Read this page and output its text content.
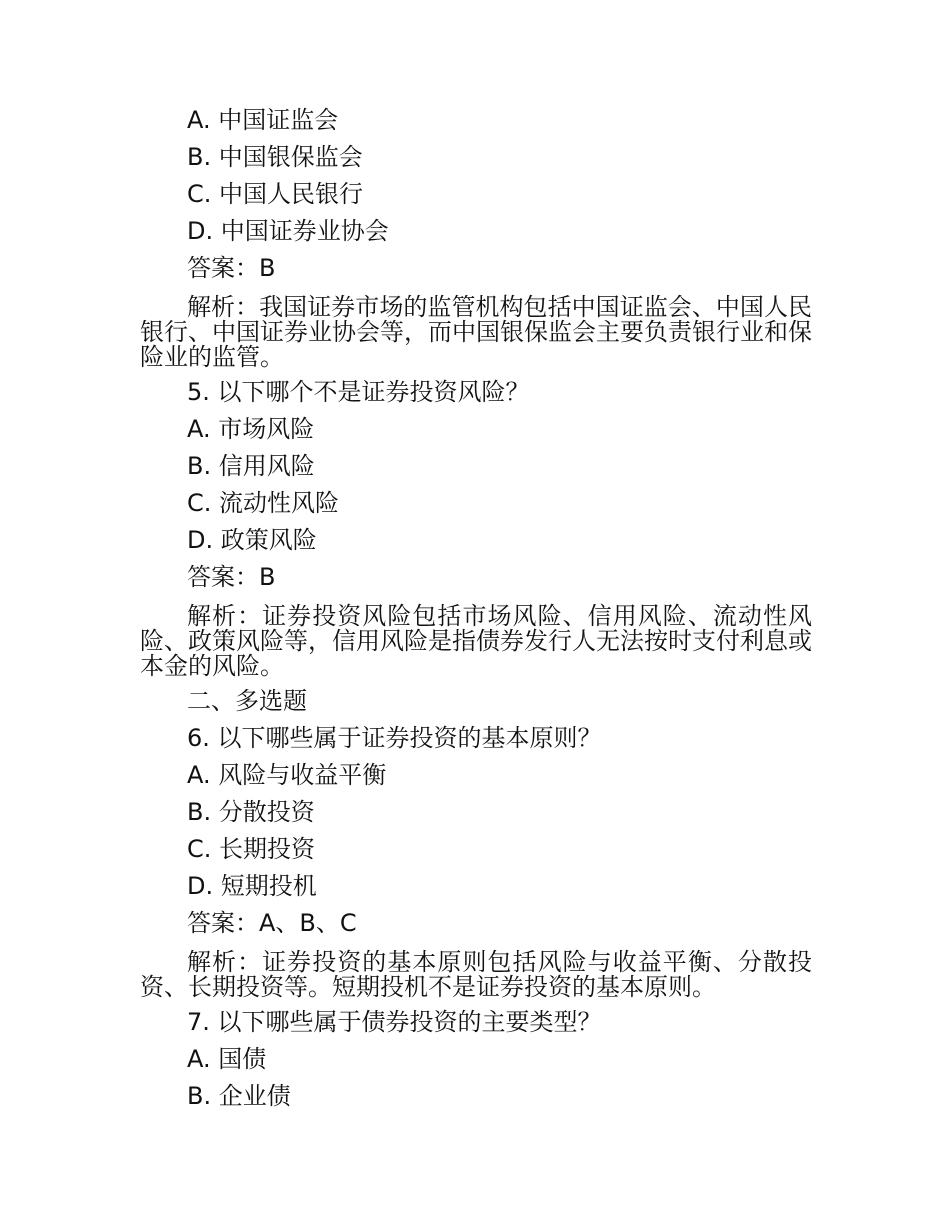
A. 中国证监会
B. 中国银保监会
C. 中国人民银行
D. 中国证券业协会
答案：B
解析：我国证券市场的监管机构包括中国证监会、中国人民银行、中国证券业协会等，而中国银保监会主要负责银行业和保险业的监管。
5. 以下哪个不是证券投资风险？
A. 市场风险
B. 信用风险
C. 流动性风险
D. 政策风险
答案：B
解析：证券投资风险包括市场风险、信用风险、流动性风险、政策风险等，信用风险是指债券发行人无法按时支付利息或本金的风险。
二、多选题
6. 以下哪些属于证券投资的基本原则？
A. 风险与收益平衡
B. 分散投资
C. 长期投资
D. 短期投机
答案：A、B、C
解析：证券投资的基本原则包括风险与收益平衡、分散投资、长期投资等。短期投机不是证券投资的基本原则。
7. 以下哪些属于债券投资的主要类型？
A. 国债
B. 企业债
